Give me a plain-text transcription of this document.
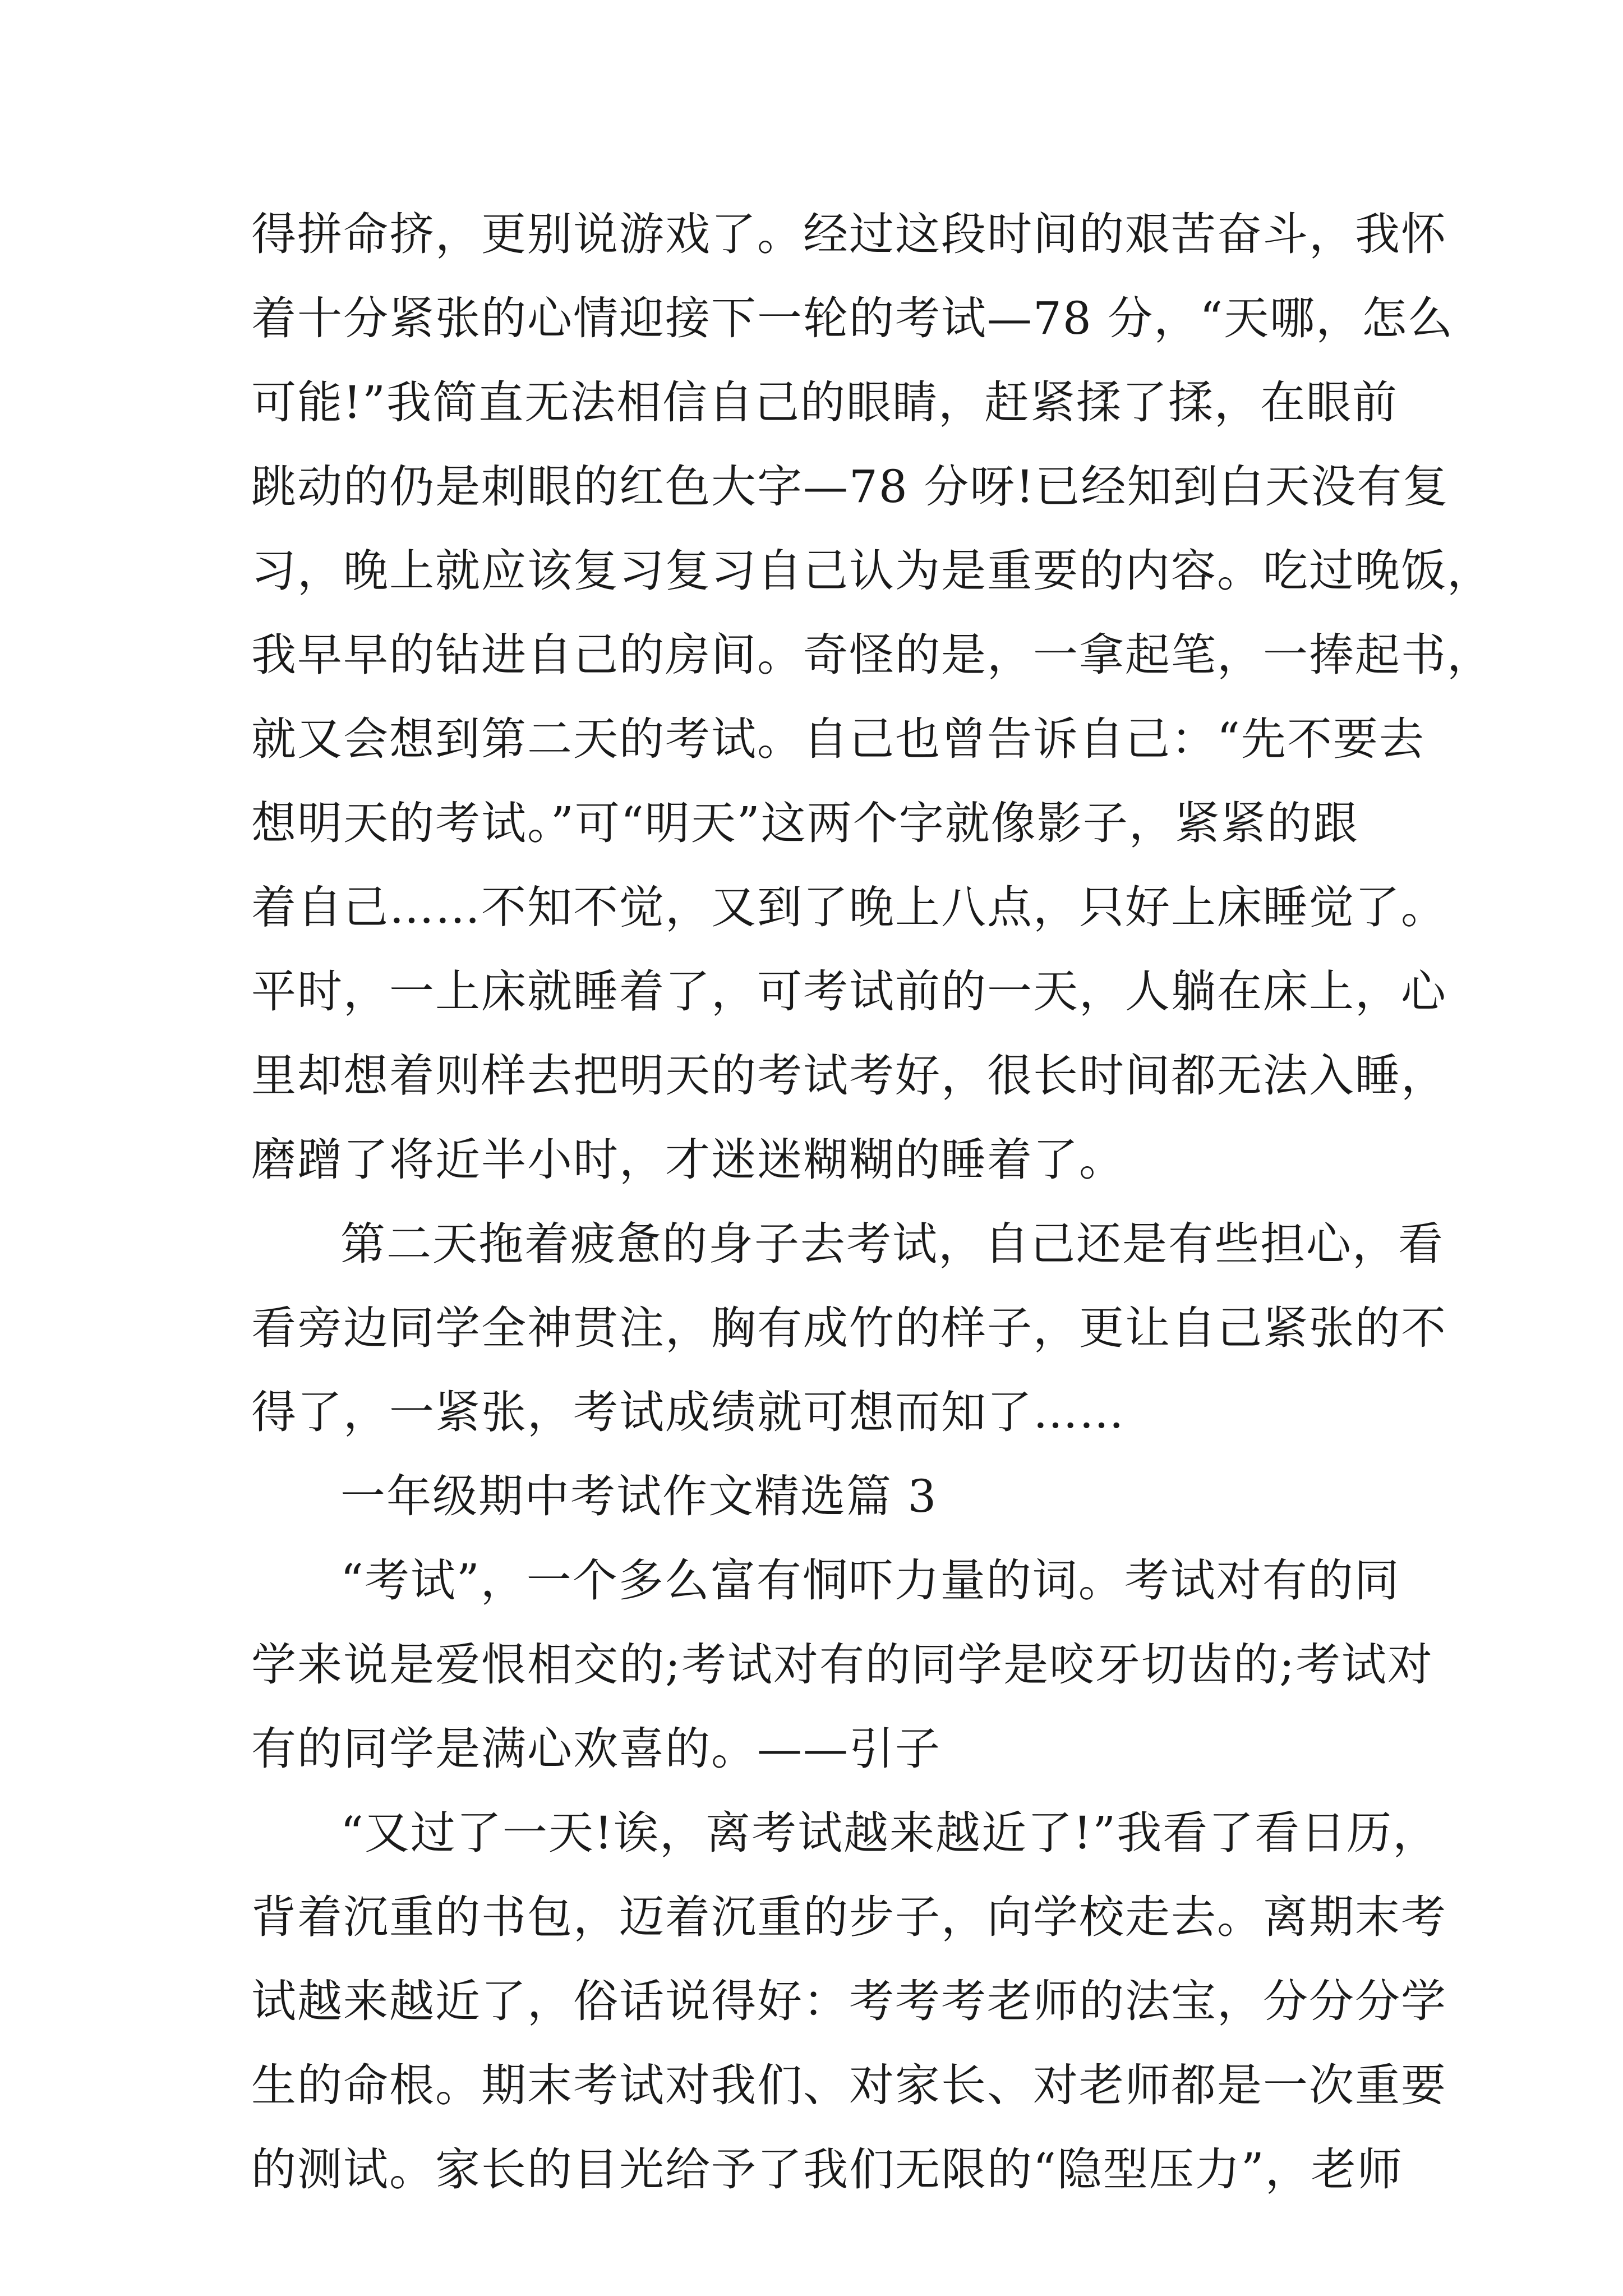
得拼命挤，更别说游戏了。经过这段时间的艰苦奋斗，我怀
着十分紧张的心情迎接下一轮的考试—78 分，“天哪，怎么
可能!”我简直无法相信自己的眼睛，赶紧揉了揉，在眼前
跳动的仍是刺眼的红色大字—78 分呀!已经知到白天没有复
习，晚上就应该复习复习自己认为是重要的内容。吃过晚饭，
我早早的钻进自己的房间。奇怪的是，一拿起笔，一捧起书，
就又会想到第二天的考试。自己也曾告诉自己：“先不要去
想明天的考试。”可“明天”这两个字就像影子，紧紧的跟
着自己……不知不觉，又到了晚上八点，只好上床睡觉了。
平时，一上床就睡着了，可考试前的一天，人躺在床上，心
里却想着则样去把明天的考试考好，很长时间都无法入睡，
磨蹭了将近半小时，才迷迷糊糊的睡着了。
第二天拖着疲惫的身子去考试，自己还是有些担心，看
看旁边同学全神贯注，胸有成竹的样子，更让自己紧张的不
得了，一紧张，考试成绩就可想而知了……
一年级期中考试作文精选篇 3
“考试”，一个多么富有恫吓力量的词。考试对有的同
学来说是爱恨相交的;考试对有的同学是咬牙切齿的;考试对
有的同学是满心欢喜的。——引子
“又过了一天!诶，离考试越来越近了!”我看了看日历，
背着沉重的书包，迈着沉重的步子，向学校走去。离期末考
试越来越近了，俗话说得好：考考考老师的法宝，分分分学
生的命根。期末考试对我们、对家长、对老师都是一次重要
的测试。家长的目光给予了我们无限的“隐型压力”，老师
